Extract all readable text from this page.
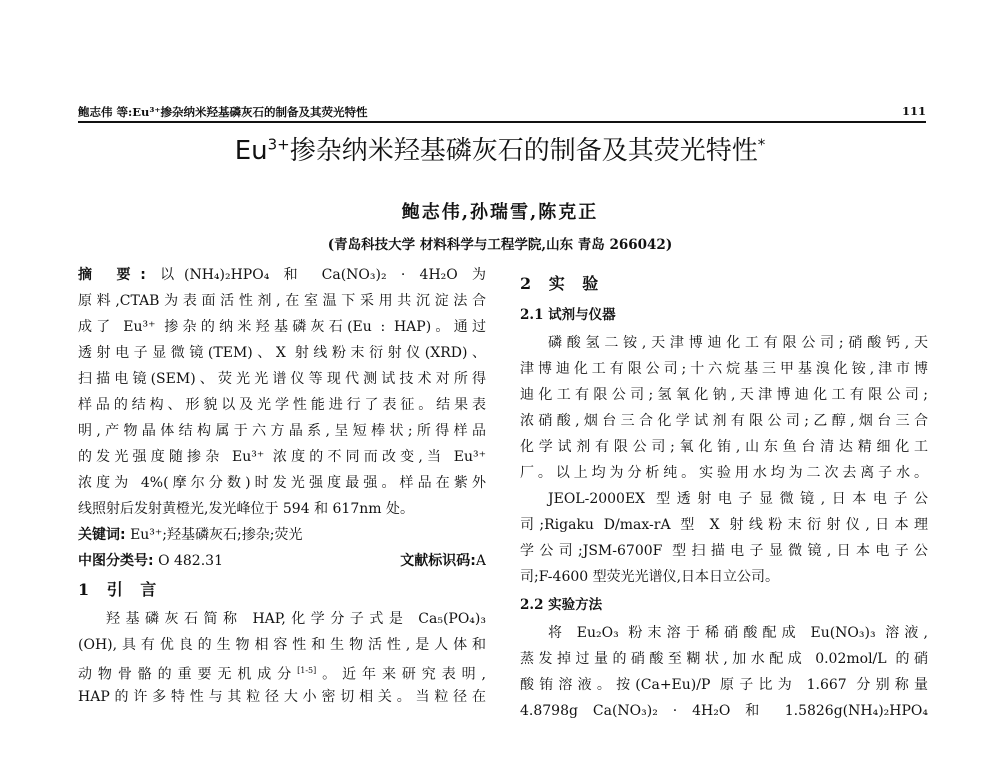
鲍志伟 等:Eu³⁺掺杂纳米羟基磷灰石的制备及其荧光特性	111
$Eu^{3+}$掺杂纳米羟基磷灰石的制备及其荧光特性*
鲍志伟,孙瑞雪,陈克正
(青岛科技大学 材料科学与工程学院,山东 青岛 266042)
摘 要: 以(NH₄)₂HPO₄ 和 Ca(NO₃)₂ · 4H₂O 为
原料,CTAB为表面活性剂,在室温下采用共沉淀法合
成了 Eu³⁺ 掺杂的纳米羟基磷灰石(Eu : HAP)。通过
透射电子显微镜(TEM)、X 射线粉末衍射仪(XRD)、
扫描电镜(SEM)、荧光光谱仪等现代测试技术对所得
样品的结构、形貌以及光学性能进行了表征。结果表
明,产物晶体结构属于六方晶系,呈短棒状;所得样品
的发光强度随掺杂 Eu³⁺ 浓度的不同而改变,当 Eu³⁺
浓度为 4%(摩尔分数)时发光强度最强。样品在紫外
线照射后发射黄橙光,发光峰位于 594 和 617nm 处。
关键词: Eu³⁺;羟基磷灰石;掺杂;荧光
中图分类号: O 482.31	文献标识码:A
1 引 言
羟基磷灰石简称 HAP,化学分子式是 Ca₅(PO₄)₃
(OH),具有优良的生物相容性和生物活性,是人体和
动物骨骼的重要无机成分[1-5]。近年来研究表明,
HAP的许多特性与其粒径大小密切相关。当粒径在
2 实 验
2.1 试剂与仪器
磷酸氢二铵,天津博迪化工有限公司;硝酸钙,天
津博迪化工有限公司;十六烷基三甲基溴化铵,津市博
迪化工有限公司;氢氧化钠,天津博迪化工有限公司;
浓硝酸,烟台三合化学试剂有限公司;乙醇,烟台三合
化学试剂有限公司;氧化铕,山东鱼台清达精细化工
厂。以上均为分析纯。实验用水均为二次去离子水。
JEOL-2000EX 型透射电子显微镜,日本电子公
司;Rigaku D/max-rA 型 X 射线粉末衍射仪,日本理
学公司;JSM-6700F 型扫描电子显微镜,日本电子公
司;F-4600 型荧光光谱仪,日本日立公司。
2.2 实验方法
将 Eu₂O₃ 粉末溶于稀硝酸配成 Eu(NO₃)₃ 溶液,
蒸发掉过量的硝酸至糊状,加水配成 0.02mol/L 的硝
酸铕溶液。按(Ca+Eu)/P 原子比为 1.667 分别称量
4.8798g Ca(NO₃)₂ · 4H₂O 和 1.5826g(NH₄)₂HPO₄
